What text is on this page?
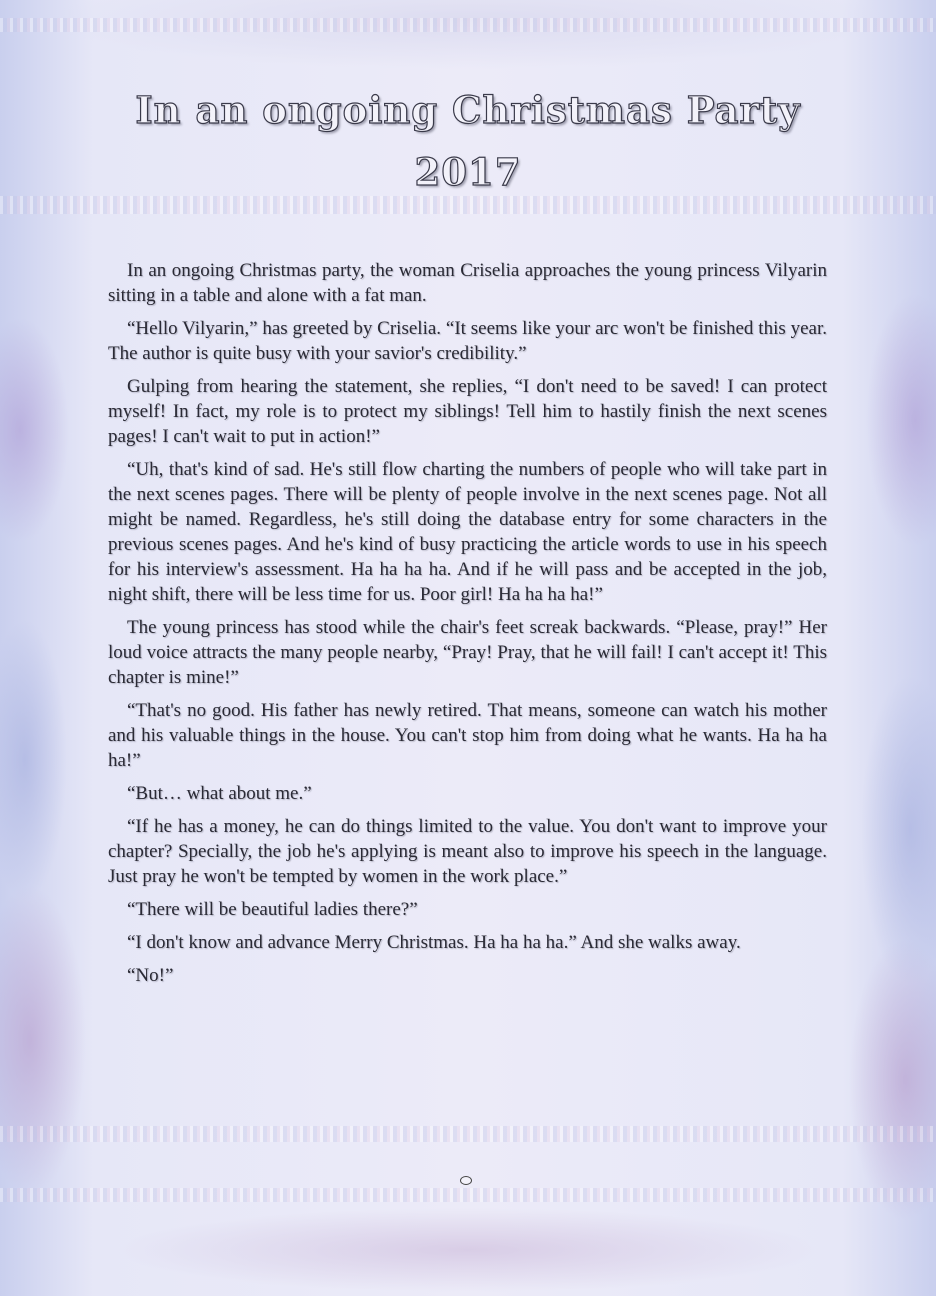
In an ongoing Christmas Party
2017

In an ongoing Christmas party, the woman Criselia approaches the young princess Vilyarin sitting in a table and alone with a fat man.

“Hello Vilyarin,” has greeted by Criselia. “It seems like your arc won't be finished this year. The author is quite busy with your savior's credibility.”

Gulping from hearing the statement, she replies, “I don't need to be saved! I can protect myself! In fact, my role is to protect my siblings! Tell him to hastily finish the next scenes pages! I can't wait to put in action!”

“Uh, that's kind of sad. He's still flow charting the numbers of people who will take part in the next scenes pages. There will be plenty of people involve in the next scenes page. Not all might be named. Regardless, he's still doing the database entry for some characters in the previous scenes pages. And he's kind of busy practicing the article words to use in his speech for his interview's assessment. Ha ha ha ha. And if he will pass and be accepted in the job, night shift, there will be less time for us. Poor girl! Ha ha ha ha!”

The young princess has stood while the chair's feet screak backwards. “Please, pray!” Her loud voice attracts the many people nearby, “Pray! Pray, that he will fail! I can't accept it! This chapter is mine!”

“That's no good. His father has newly retired. That means, someone can watch his mother and his valuable things in the house. You can't stop him from doing what he wants. Ha ha ha ha!”

“But… what about me.”

“If he has a money, he can do things limited to the value. You don't want to improve your chapter? Specially, the job he's applying is meant also to improve his speech in the language. Just pray he won't be tempted by women in the work place.”

“There will be beautiful ladies there?”

“I don't know and advance Merry Christmas. Ha ha ha ha.” And she walks away.

“No!”
